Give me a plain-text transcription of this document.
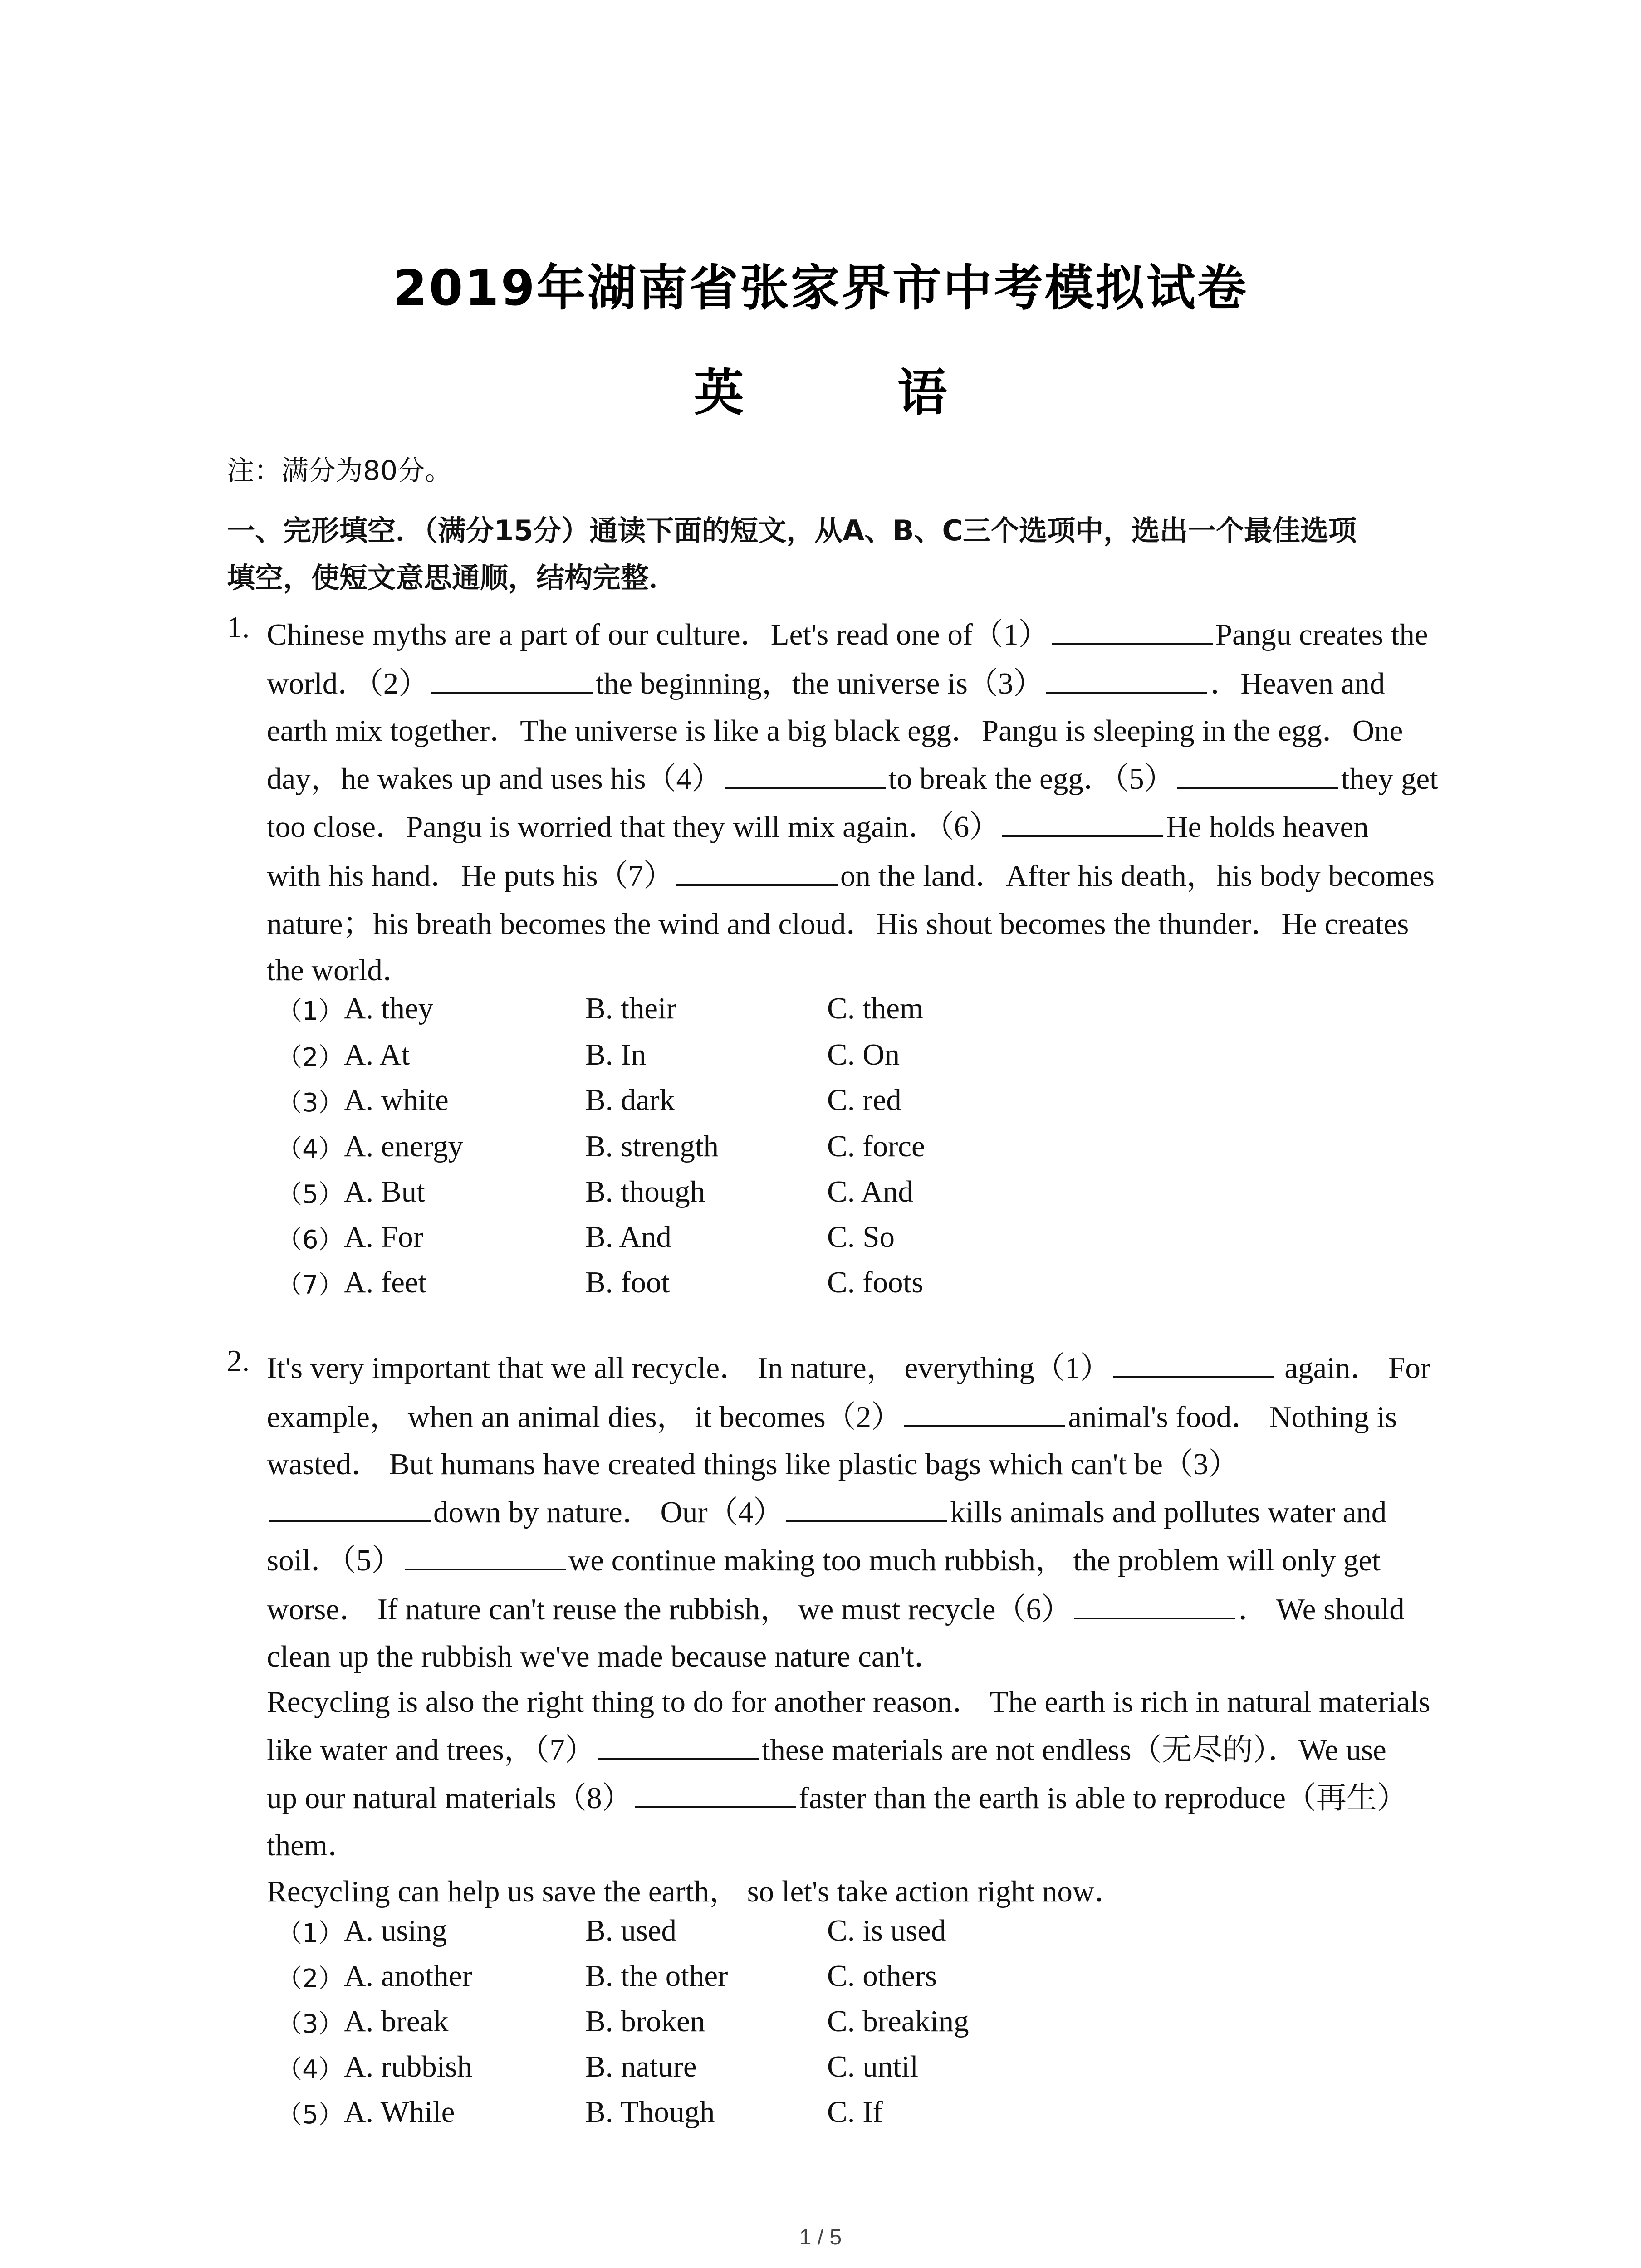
2019年湖南省张家界市中考模拟试卷
英 语
注：满分为80分。
一、完形填空．（满分15分）通读下面的短文，从A、B、C三个选项中，选出一个最佳选项
填空，使短文意思通顺，结构完整．
1. Chinese myths are a part of our culture．Let's read one of（1）	Pangu creates the
world．（2）	the beginning，the universe is（3）	．Heaven and
earth mix together．The universe is like a big black egg．Pangu is sleeping in the egg．One
day，he wakes up and uses his（4）	to break the egg．（5）	they get
too close．Pangu is worried that they will mix again．（6）	He holds heaven
with his hand．He puts his（7）	on the land．After his death，his body becomes
nature；his breath becomes the wind and cloud．His shout becomes the thunder．He creates
the world．
（1） A. they	B. their	C. them
（2） A. At	B. In	C. On
（3） A. white	B. dark	C. red
（4） A. energy	B. strength	C. force
（5） A. But	B. though	C. And
（6） A. For	B. And	C. So
（7） A. feet	B. foot	C. foots
2. It's very important that we all recycle． In nature， everything（1）	again． For
example， when an animal dies， it becomes（2）	animal's food． Nothing is
wasted． But humans have created things like plastic bags which can't be（3）
down by nature． Our（4）	kills animals and pollutes water and
soil．（5）	we continue making too much rubbish， the problem will only get
worse． If nature can't reuse the rubbish， we must recycle（6）	． We should
clean up the rubbish we've made because nature can't．
Recycling is also the right thing to do for another reason． The earth is rich in natural materials
like water and trees，（7）	these materials are not endless（无尽的）．We use
up our natural materials（8）	faster than the earth is able to reproduce（再生）
them．
Recycling can help us save the earth， so let's take action right now．
（1） A. using	B. used	C. is used
（2） A. another	B. the other	C. others
（3） A. break	B. broken	C. breaking
（4） A. rubbish	B. nature	C. until
（5） A. While	B. Though	C. If
1 / 5
